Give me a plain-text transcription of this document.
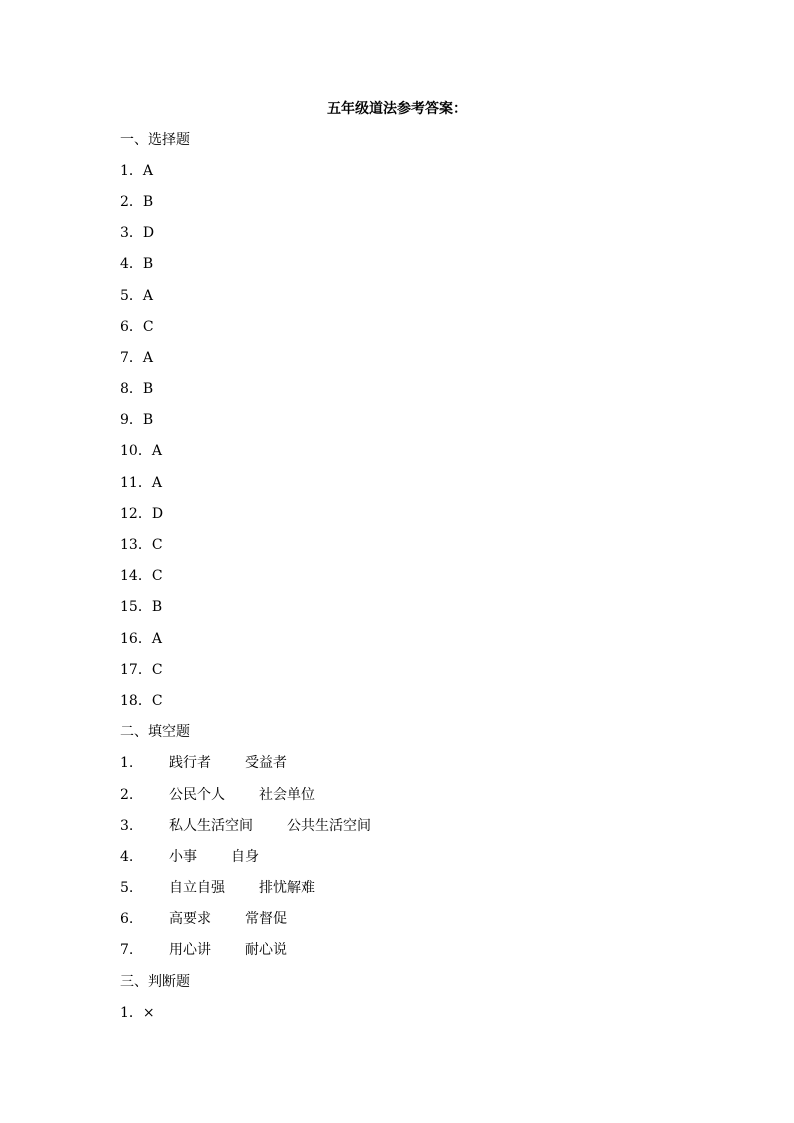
五年级道法参考答案：
一、选择题
1． A
2． B
3． D
4． B
5． A
6． C
7． A
8． B
9． B
10． A
11． A
12． D
13． C
14． C
15． B
16． A
17． C
18． C
二、填空题
1.	践行者 受益者
2.	公民个人 社会单位
3.	私人生活空间 公共生活空间
4.	小事 自身
5.	自立自强 排忧解难
6.	高要求 常督促
7.	用心讲 耐心说
三、判断题
1． ×
